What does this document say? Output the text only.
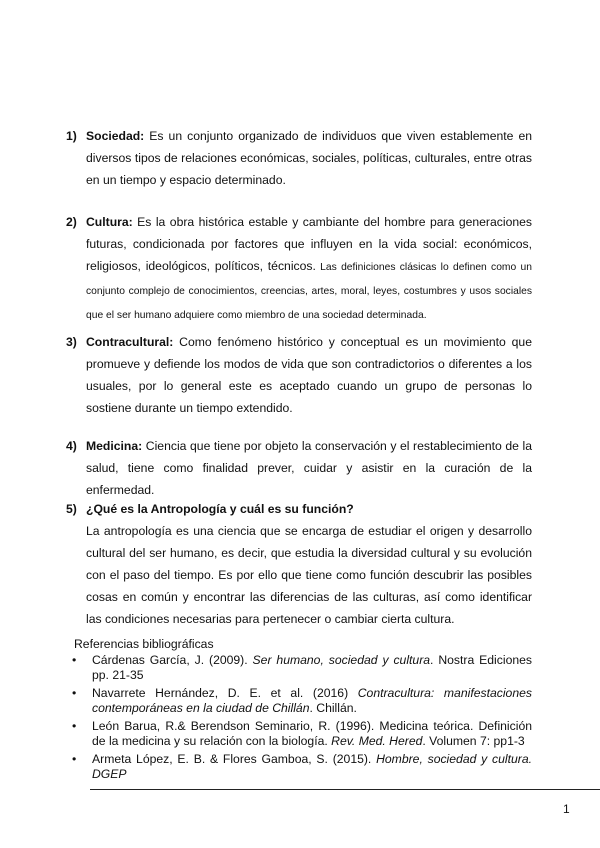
1) Sociedad: Es un conjunto organizado de individuos que viven establemente en diversos tipos de relaciones económicas, sociales, políticas, culturales, entre otras en un tiempo y espacio determinado.
2) Cultura: Es la obra histórica estable y cambiante del hombre para generaciones futuras, condicionada por factores que influyen en la vida social: económicos, religiosos, ideológicos, políticos, técnicos. Las definiciones clásicas lo definen como un conjunto complejo de conocimientos, creencias, artes, moral, leyes, costumbres y usos sociales que el ser humano adquiere como miembro de una sociedad determinada.
3) Contracultural: Como fenómeno histórico y conceptual es un movimiento que promueve y defiende los modos de vida que son contradictorios o diferentes a los usuales, por lo general este es aceptado cuando un grupo de personas lo sostiene durante un tiempo extendido.
4) Medicina: Ciencia que tiene por objeto la conservación y el restablecimiento de la salud, tiene como finalidad prever, cuidar y asistir en la curación de la enfermedad.
5) ¿Qué es la Antropología y cuál es su función?
La antropología es una ciencia que se encarga de estudiar el origen y desarrollo cultural del ser humano, es decir, que estudia la diversidad cultural y su evolución con el paso del tiempo. Es por ello que tiene como función descubrir las posibles cosas en común y encontrar las diferencias de las culturas, así como identificar las condiciones necesarias para pertenecer o cambiar cierta cultura.
Referencias bibliográficas
• Cárdenas García, J. (2009). Ser humano, sociedad y cultura. Nostra Ediciones pp. 21-35
• Navarrete Hernández, D. E. et al. (2016) Contracultura: manifestaciones contemporáneas en la ciudad de Chillán. Chillán.
• León Barua, R.& Berendson Seminario, R. (1996). Medicina teórica. Definición de la medicina y su relación con la biología. Rev. Med. Hered. Volumen 7: pp1-3
• Armeta López, E. B. & Flores Gamboa, S. (2015). Hombre, sociedad y cultura. DGEP
1
